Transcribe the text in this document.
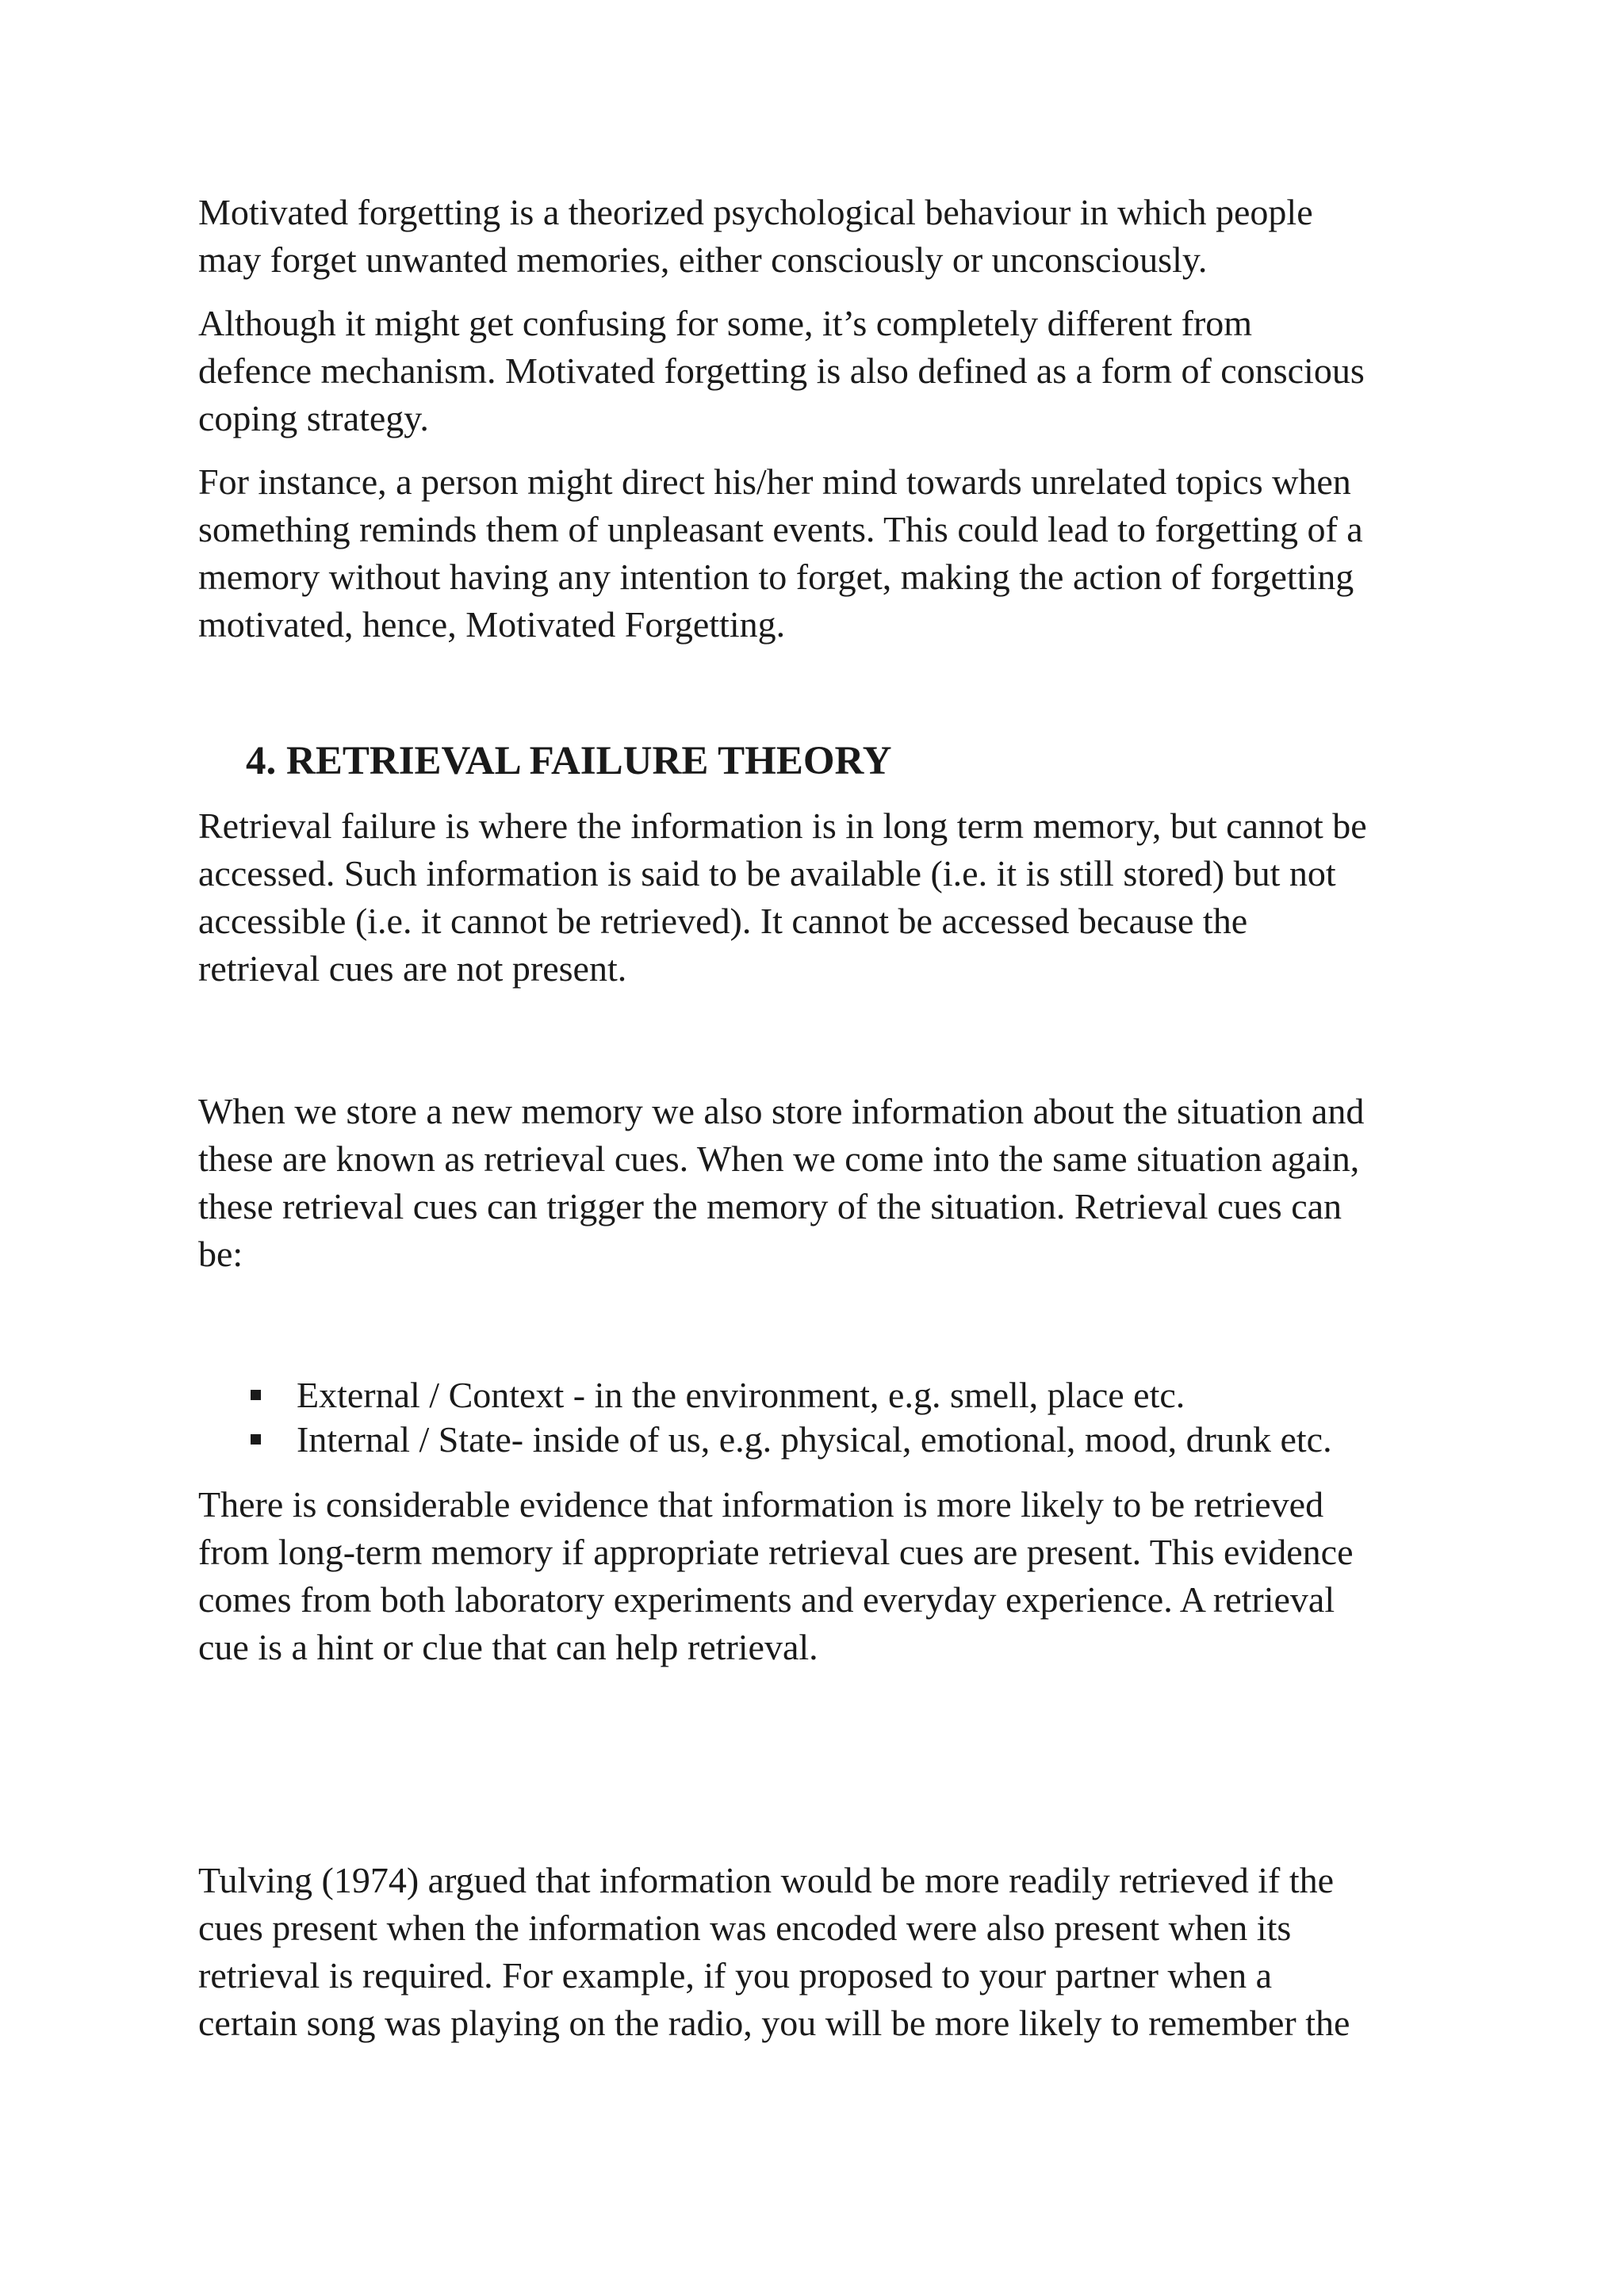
Motivated forgetting is a theorized psychological behaviour in which people
may forget unwanted memories, either consciously or unconsciously.

Although it might get confusing for some, it’s completely different from
defence mechanism. Motivated forgetting is also defined as a form of conscious
coping strategy.

For instance, a person might direct his/her mind towards unrelated topics when
something reminds them of unpleasant events. This could lead to forgetting of a
memory without having any intention to forget, making the action of forgetting
motivated, hence, Motivated Forgetting.

4. RETRIEVAL FAILURE THEORY

Retrieval failure is where the information is in long term memory, but cannot be
accessed. Such information is said to be available (i.e. it is still stored) but not
accessible (i.e. it cannot be retrieved). It cannot be accessed because the
retrieval cues are not present.

When we store a new memory we also store information about the situation and
these are known as retrieval cues. When we come into the same situation again,
these retrieval cues can trigger the memory of the situation. Retrieval cues can
be:

External / Context - in the environment, e.g. smell, place etc.
Internal / State- inside of us, e.g. physical, emotional, mood, drunk etc.

There is considerable evidence that information is more likely to be retrieved
from long-term memory if appropriate retrieval cues are present. This evidence
comes from both laboratory experiments and everyday experience. A retrieval
cue is a hint or clue that can help retrieval.

Tulving (1974) argued that information would be more readily retrieved if the
cues present when the information was encoded were also present when its
retrieval is required. For example, if you proposed to your partner when a
certain song was playing on the radio, you will be more likely to remember the
